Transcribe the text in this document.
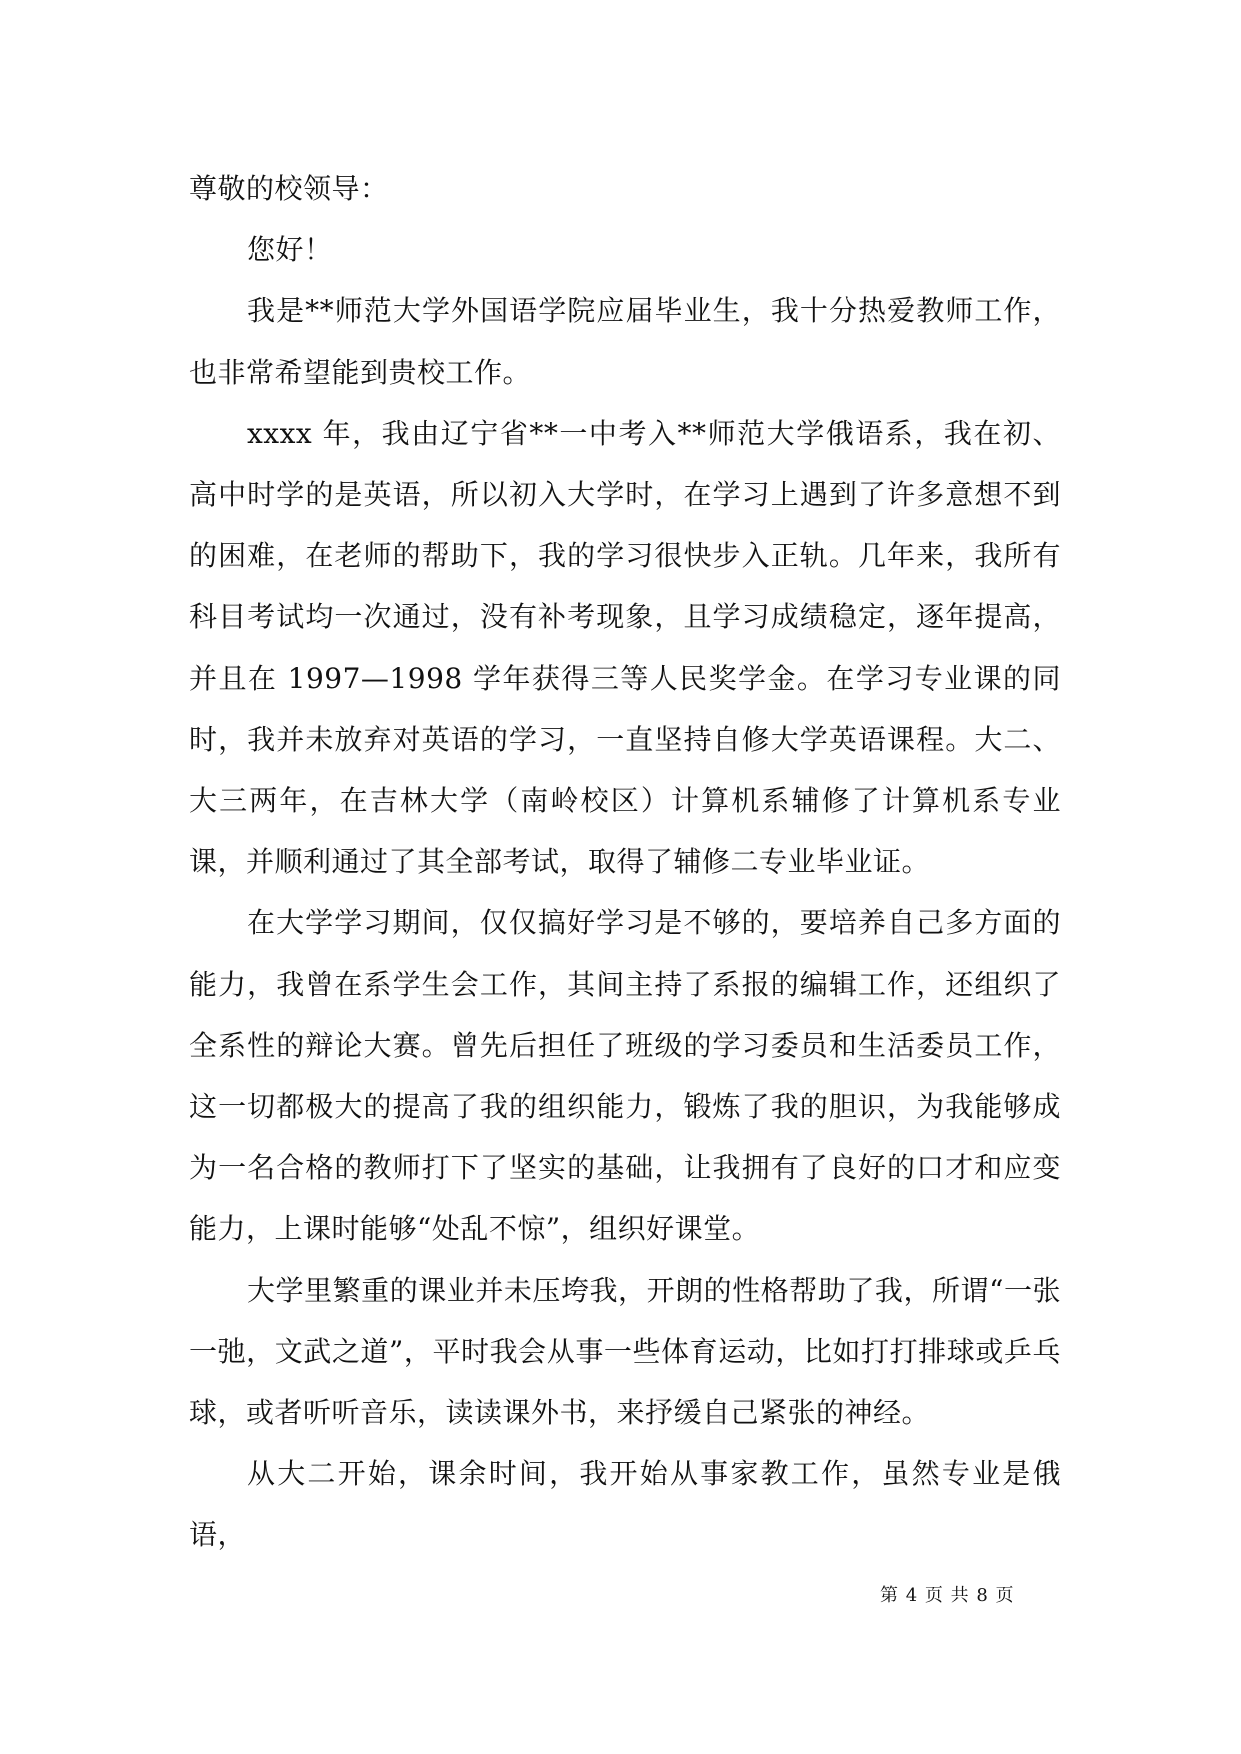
尊敬的校领导：

您好！

我是**师范大学外国语学院应届毕业生，我十分热爱教师工作，也非常希望能到贵校工作。

xxxx 年，我由辽宁省**一中考入**师范大学俄语系，我在初、高中时学的是英语，所以初入大学时，在学习上遇到了许多意想不到的困难，在老师的帮助下，我的学习很快步入正轨。几年来，我所有科目考试均一次通过，没有补考现象，且学习成绩稳定，逐年提高，并且在 1997—1998 学年获得三等人民奖学金。在学习专业课的同时，我并未放弃对英语的学习，一直坚持自修大学英语课程。大二、大三两年，在吉林大学（南岭校区）计算机系辅修了计算机系专业课，并顺利通过了其全部考试，取得了辅修二专业毕业证。

在大学学习期间，仅仅搞好学习是不够的，要培养自己多方面的能力，我曾在系学生会工作，其间主持了系报的编辑工作，还组织了全系性的辩论大赛。曾先后担任了班级的学习委员和生活委员工作，这一切都极大的提高了我的组织能力，锻炼了我的胆识，为我能够成为一名合格的教师打下了坚实的基础，让我拥有了良好的口才和应变能力，上课时能够“处乱不惊”，组织好课堂。

大学里繁重的课业并未压垮我，开朗的性格帮助了我，所谓“一张一弛，文武之道”，平时我会从事一些体育运动，比如打打排球或乒乓球，或者听听音乐，读读课外书，来抒缓自己紧张的神经。

从大二开始，课余时间，我开始从事家教工作，虽然专业是俄语，

第 4 页 共 8 页
